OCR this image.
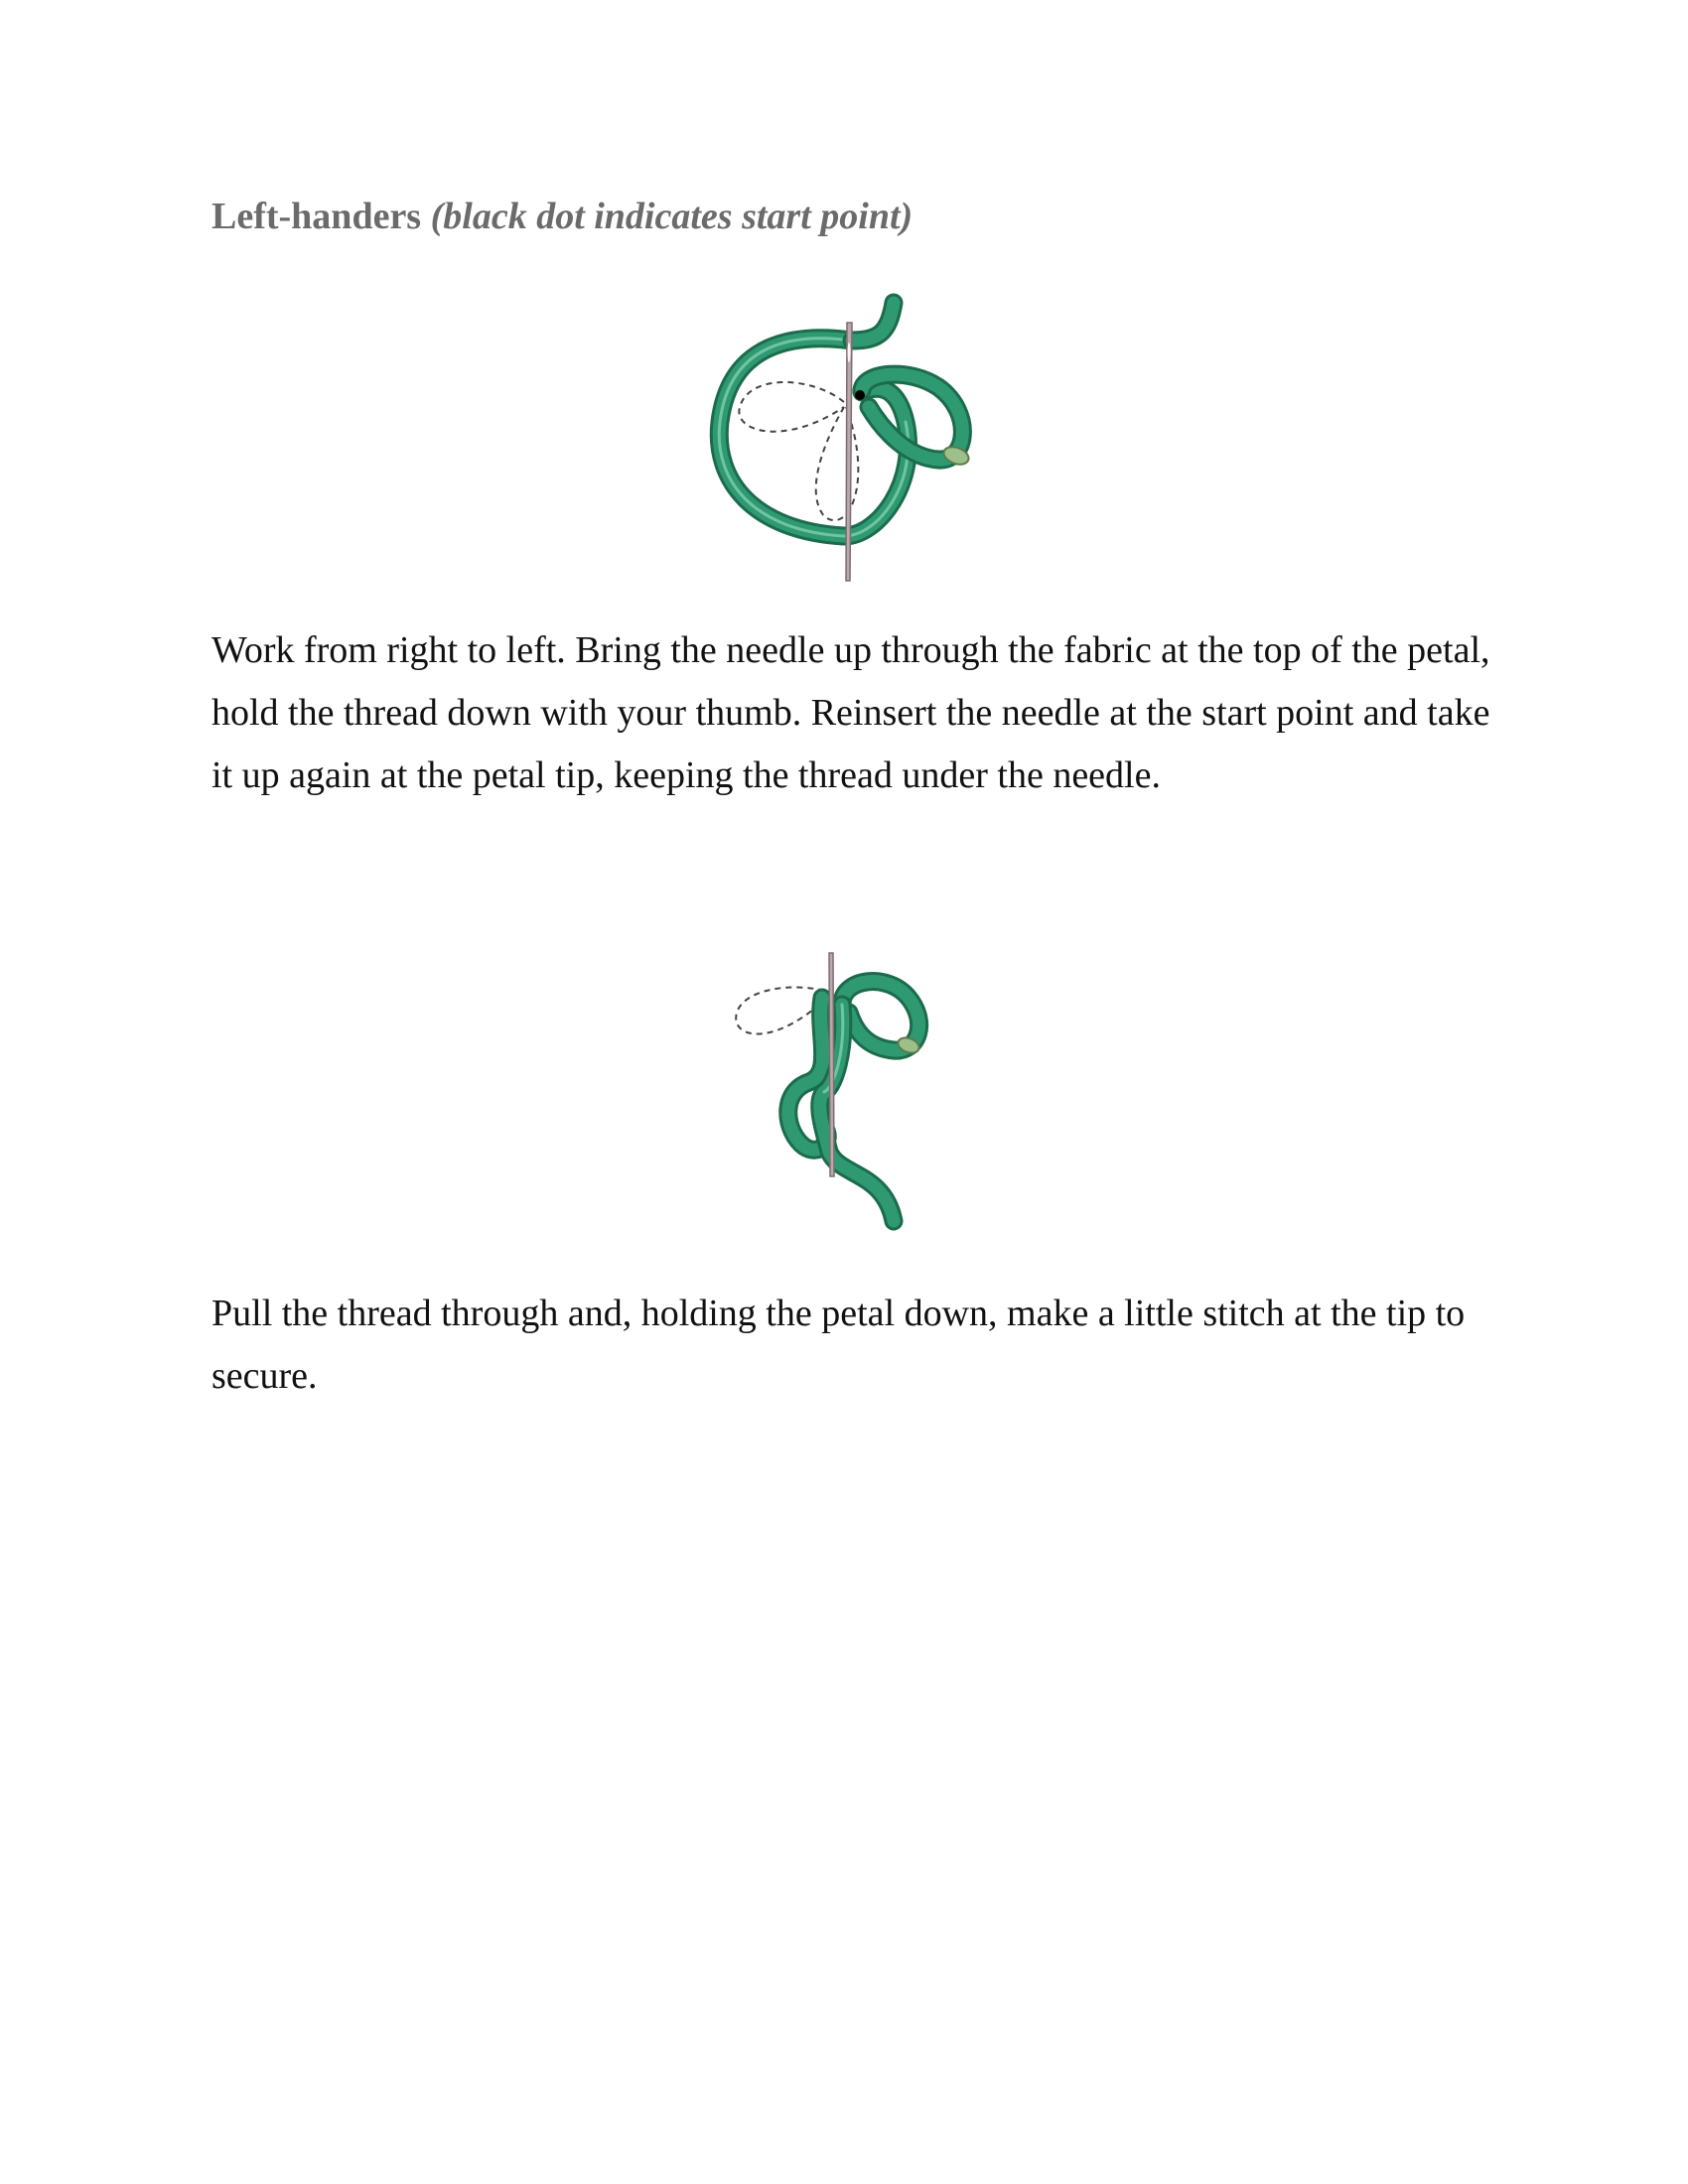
Left-handers (black dot indicates start point)

Work from right to left. Bring the needle up through the fabric at the top of the petal, hold the thread down with your thumb. Reinsert the needle at the start point and take it up again at the petal tip, keeping the thread under the needle.

Pull the thread through and, holding the petal down, make a little stitch at the tip to secure.
